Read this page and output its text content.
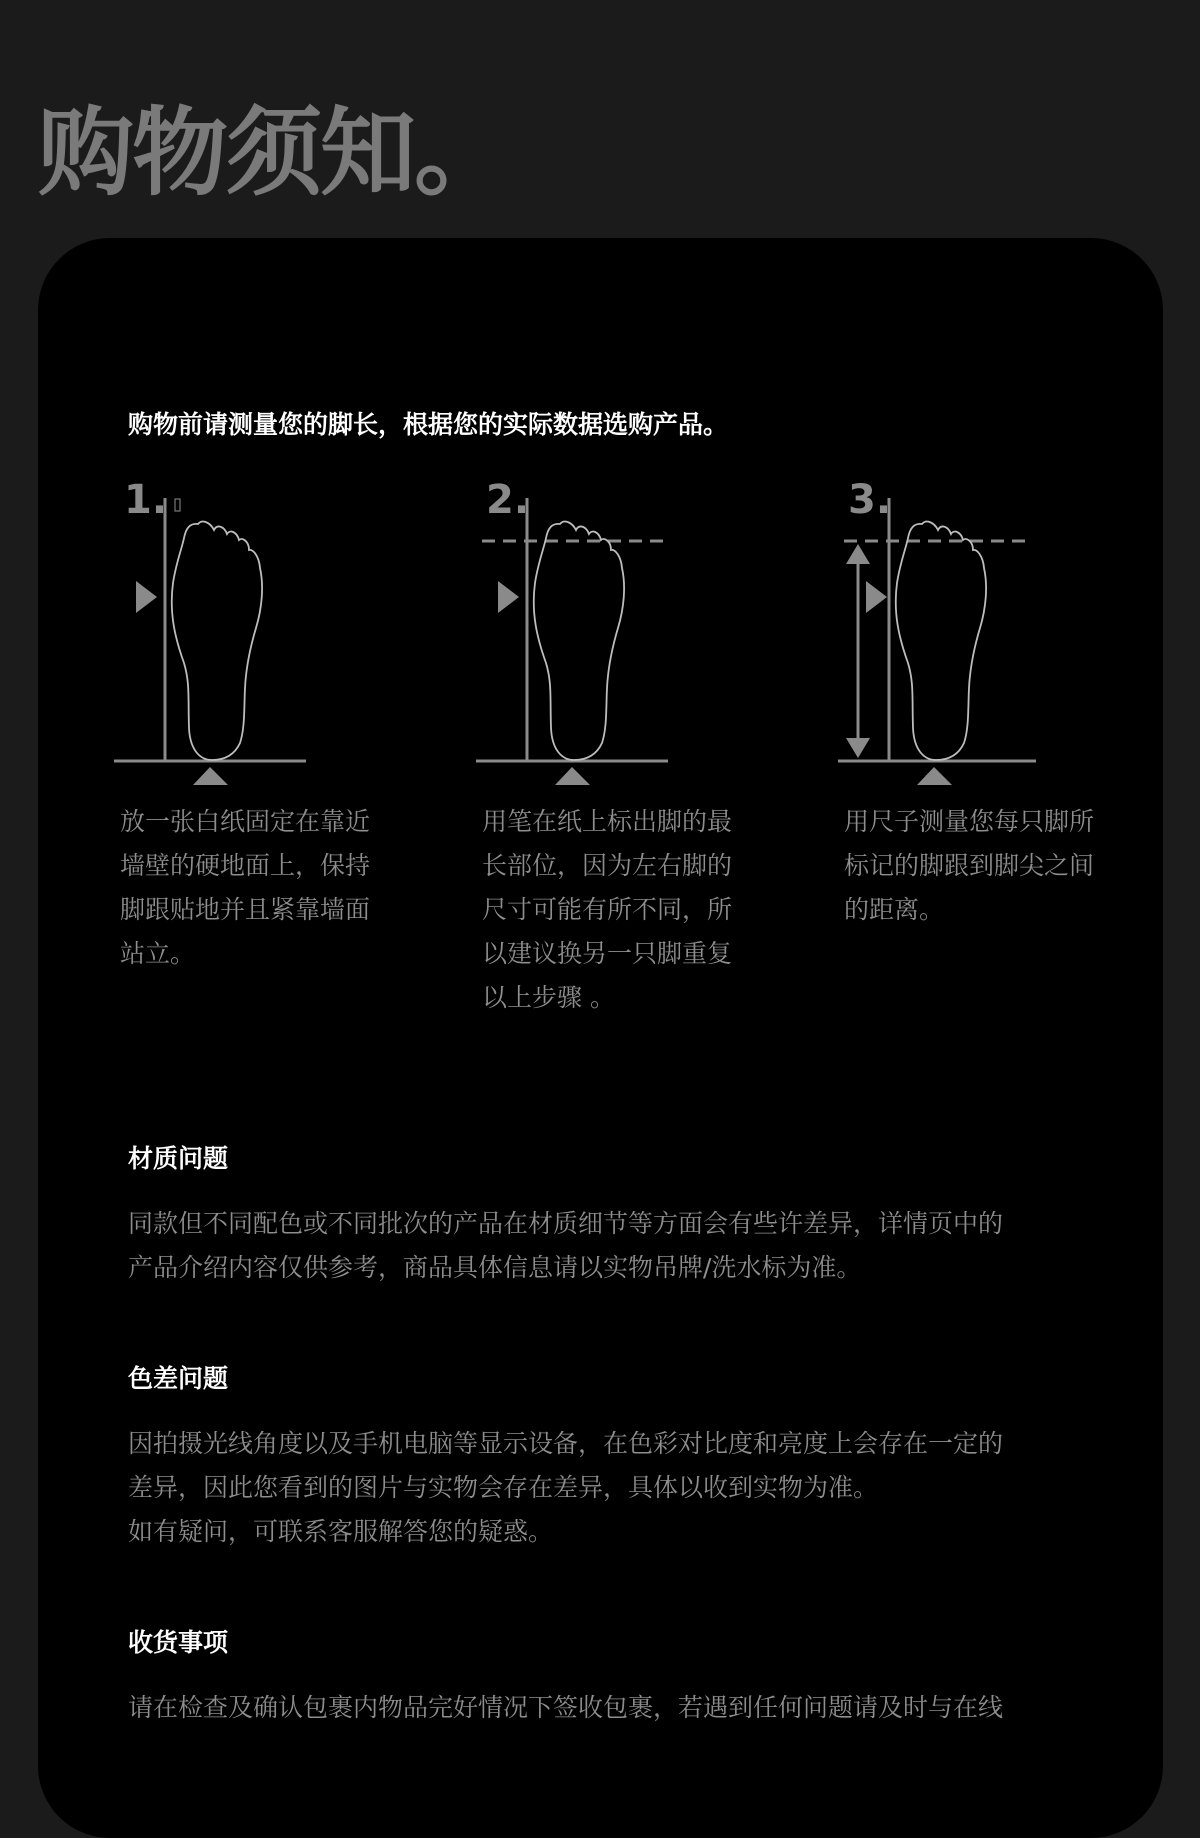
购物须知。

购物前请测量您的脚长，根据您的实际数据选购产品。

1.

放一张白纸固定在靠近墙壁的硬地面上，保持脚跟贴地并且紧靠墙面站立。

2.

用笔在纸上标出脚的最长部位，因为左右脚的尺寸可能有所不同，所以建议换另一只脚重复以上步骤 。

3.

用尺子测量您每只脚所标记的脚跟到脚尖之间的距离。

材质问题

同款但不同配色或不同批次的产品在材质细节等方面会有些许差异，详情页中的
产品介绍内容仅供参考，商品具体信息请以实物吊牌/洗水标为准。

色差问题

因拍摄光线角度以及手机电脑等显示设备，在色彩对比度和亮度上会存在一定的
差异，因此您看到的图片与实物会存在差异，具体以收到实物为准。
如有疑问，可联系客服解答您的疑惑。

收货事项

请在检查及确认包裹内物品完好情况下签收包裹，若遇到任何问题请及时与在线
